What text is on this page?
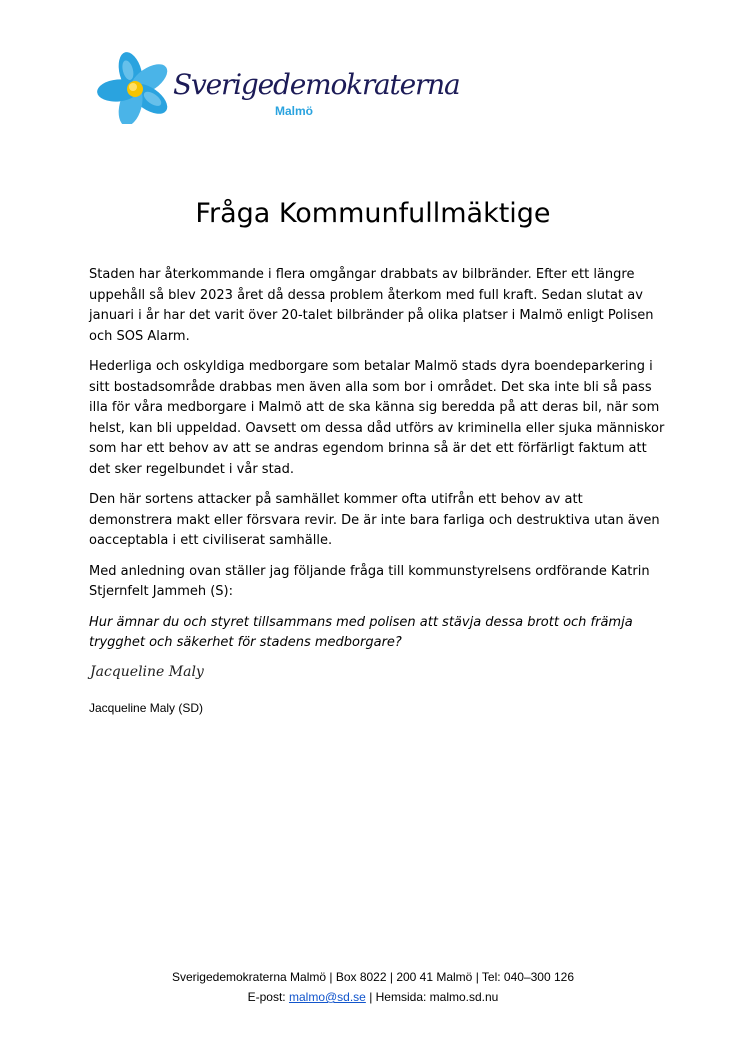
Sverigedemokraterna
Malmö
Fråga Kommunfullmäktige

Staden har återkommande i flera omgångar drabbats av bilbränder. Efter ett längre uppehåll så blev 2023 året då dessa problem återkom med full kraft. Sedan slutat av januari i år har det varit över 20-talet bilbränder på olika platser i Malmö enligt Polisen och SOS Alarm.

Hederliga och oskyldiga medborgare som betalar Malmö stads dyra boendeparkering i sitt bostadsområde drabbas men även alla som bor i området. Det ska inte bli så pass illa för våra medborgare i Malmö att de ska känna sig beredda på att deras bil, när som helst, kan bli uppeldad. Oavsett om dessa dåd utförs av kriminella eller sjuka människor som har ett behov av att se andras egendom brinna så är det ett förfärligt faktum att det sker regelbundet i vår stad.

Den här sortens attacker på samhället kommer ofta utifrån ett behov av att demonstrera makt eller försvara revir. De är inte bara farliga och destruktiva utan även oacceptabla i ett civiliserat samhälle.

Med anledning ovan ställer jag följande fråga till kommunstyrelsens ordförande Katrin Stjernfelt Jammeh (S):

Hur ämnar du och styret tillsammans med polisen att stävja dessa brott och främja trygghet och säkerhet för stadens medborgare?

Jacqueline Maly
Jacqueline Maly (SD)
Sverigedemokraterna Malmö | Box 8022 | 200 41 Malmö | Tel: 040–300 126
E-post: malmo@sd.se | Hemsida: malmo.sd.nu
